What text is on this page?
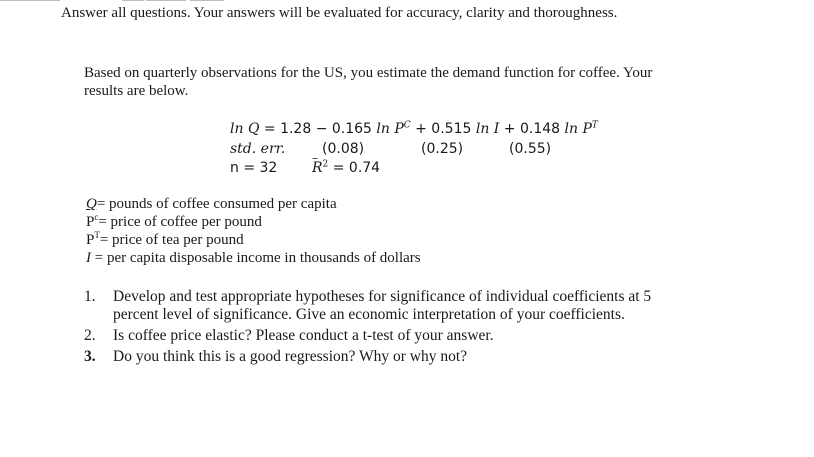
Answer all questions. Your answers will be evaluated for accuracy, clarity and thoroughness.
Based on quarterly observations for the US, you estimate the demand function for coffee. Your
results are below.
ln Q = 1.28 − 0.165 $\ln P^C + 0.515$ ln I + 0.148 $\ln P^T$
std. err.	(0.08)	(0.25)	(0.55)
n = 32
– $R^2 = 0.74$
Q= pounds of coffee consumed per capita
$P^c=$ price of coffee per pound
$P^T=$ price of tea per pound
I = per capita disposable income in thousands of dollars
1. Develop and test appropriate hypotheses for significance of individual coefficients at 5
percent level of significance. Give an economic interpretation of your coefficients.
2. Is coffee price elastic? Please conduct a t-test of your answer.
3. Do you think this is a good regression? Why or why not?
